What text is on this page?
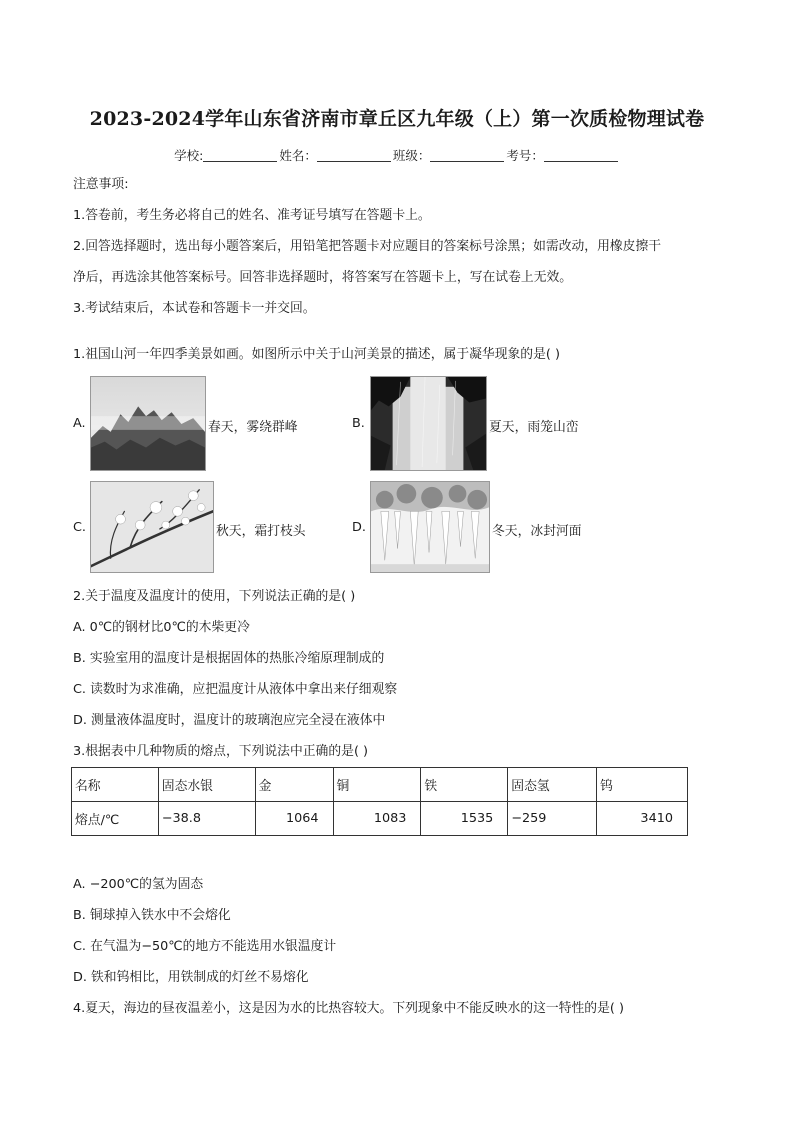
2023-2024学年山东省济南市章丘区九年级（上）第一次质检物理试卷
学校:	姓名：	班级：	考号：
注意事项:
1.答卷前，考生务必将自己的姓名、准考证号填写在答题卡上。
2.回答选择题时，选出每小题答案后，用铅笔把答题卡对应题目的答案标号涂黑；如需改动，用橡皮擦干
净后，再选涂其他答案标号。回答非选择题时，将答案写在答题卡上，写在试卷上无效。
3.考试结束后，本试卷和答题卡一并交回。
1.祖国山河一年四季美景如画。如图所示中关于山河美景的描述，属于凝华现象的是( )
A.	春天，雾绕群峰	B.	夏天，雨笼山峦
C.	秋天，霜打枝头	D.	冬天，冰封河面
2.关于温度及温度计的使用，下列说法正确的是( )
A. 0℃的钢材比0℃的木柴更冷
B. 实验室用的温度计是根据固体的热胀冷缩原理制成的
C. 读数时为求准确，应把温度计从液体中拿出来仔细观察
D. 测量液体温度时，温度计的玻璃泡应完全浸在液体中
3.根据表中几种物质的熔点，下列说法中正确的是( )
名称	固态水银	金	铜	铁	固态氢	钨
熔点/℃	−38.8	1064	1083	1535	−259	3410
A. −200℃的氢为固态
B. 铜球掉入铁水中不会熔化
C. 在气温为−50℃的地方不能选用水银温度计
D. 铁和钨相比，用铁制成的灯丝不易熔化
4.夏天，海边的昼夜温差小，这是因为水的比热容较大。下列现象中不能反映水的这一特性的是( )
